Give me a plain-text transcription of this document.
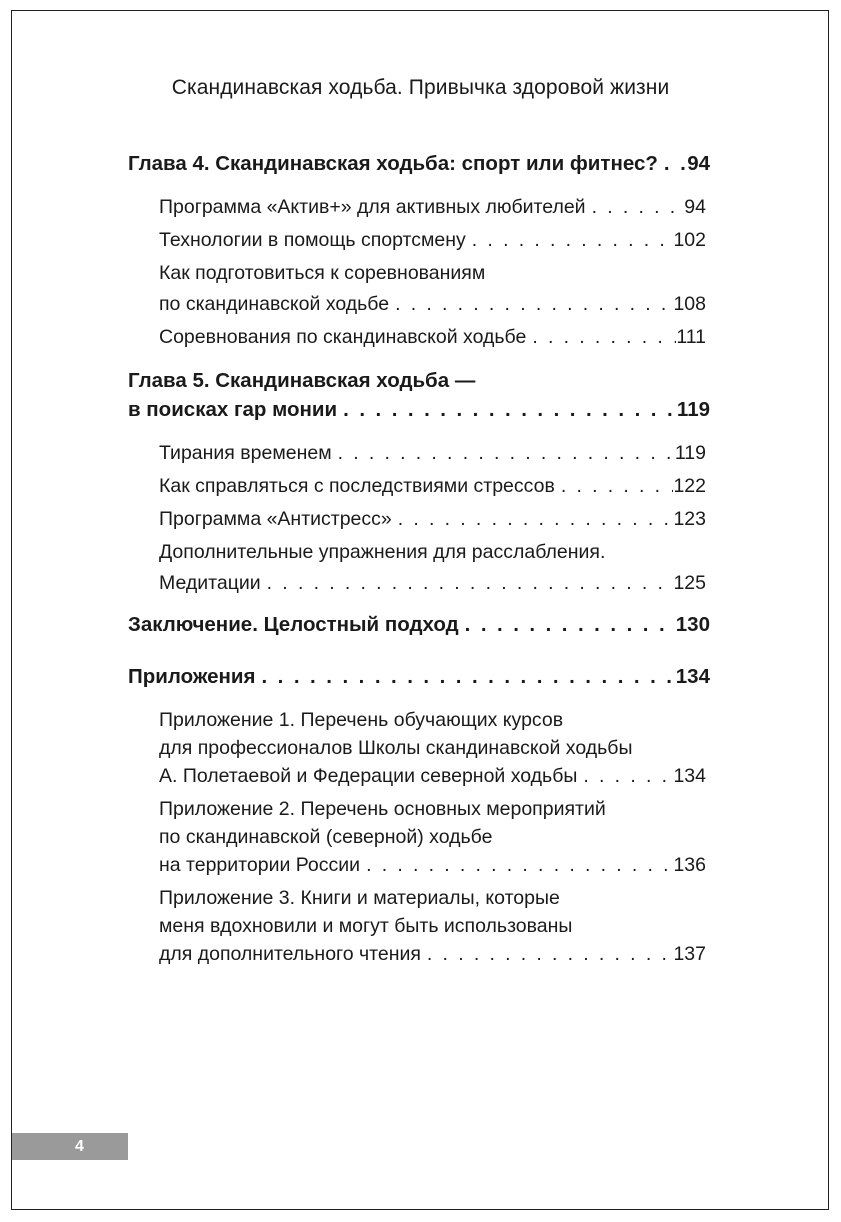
Скандинавская ходьба. Привычка здоровой жизни
Глава 4. Скандинавская ходьба: спорт или фитнес? . . . 94
Программа «Актив+» для активных любителей . . .	94
Технологии в помощь спортсмену . . .	102
Как подготовиться к соревнованиям
по скандинавской ходьбе . . .	108
Соревнования по скандинавской ходьбе . . .	111
Глава 5. Скандинавская ходьба —
в поисках гар монии . . .	119
Тирания временем . . .	119
Как справляться с последствиями стрессов . . .	122
Программа «Антистресс» . . .	123
Дополнительные упражнения для расслабления.
Медитации . . .	125
Заключение. Целостный подход . . .	130
Приложения . . .	134
Приложение 1. Перечень обучающих курсов
для профессионалов Школы скандинавской ходьбы
А. Полетаевой и Федерации северной ходьбы . . .	134
Приложение 2. Перечень основных мероприятий
по скандинавской (северной) ходьбе
на территории России . . .	136
Приложение 3. Книги и материалы, которые
меня вдохновили и могут быть использованы
для дополнительного чтения . . .	137
4
